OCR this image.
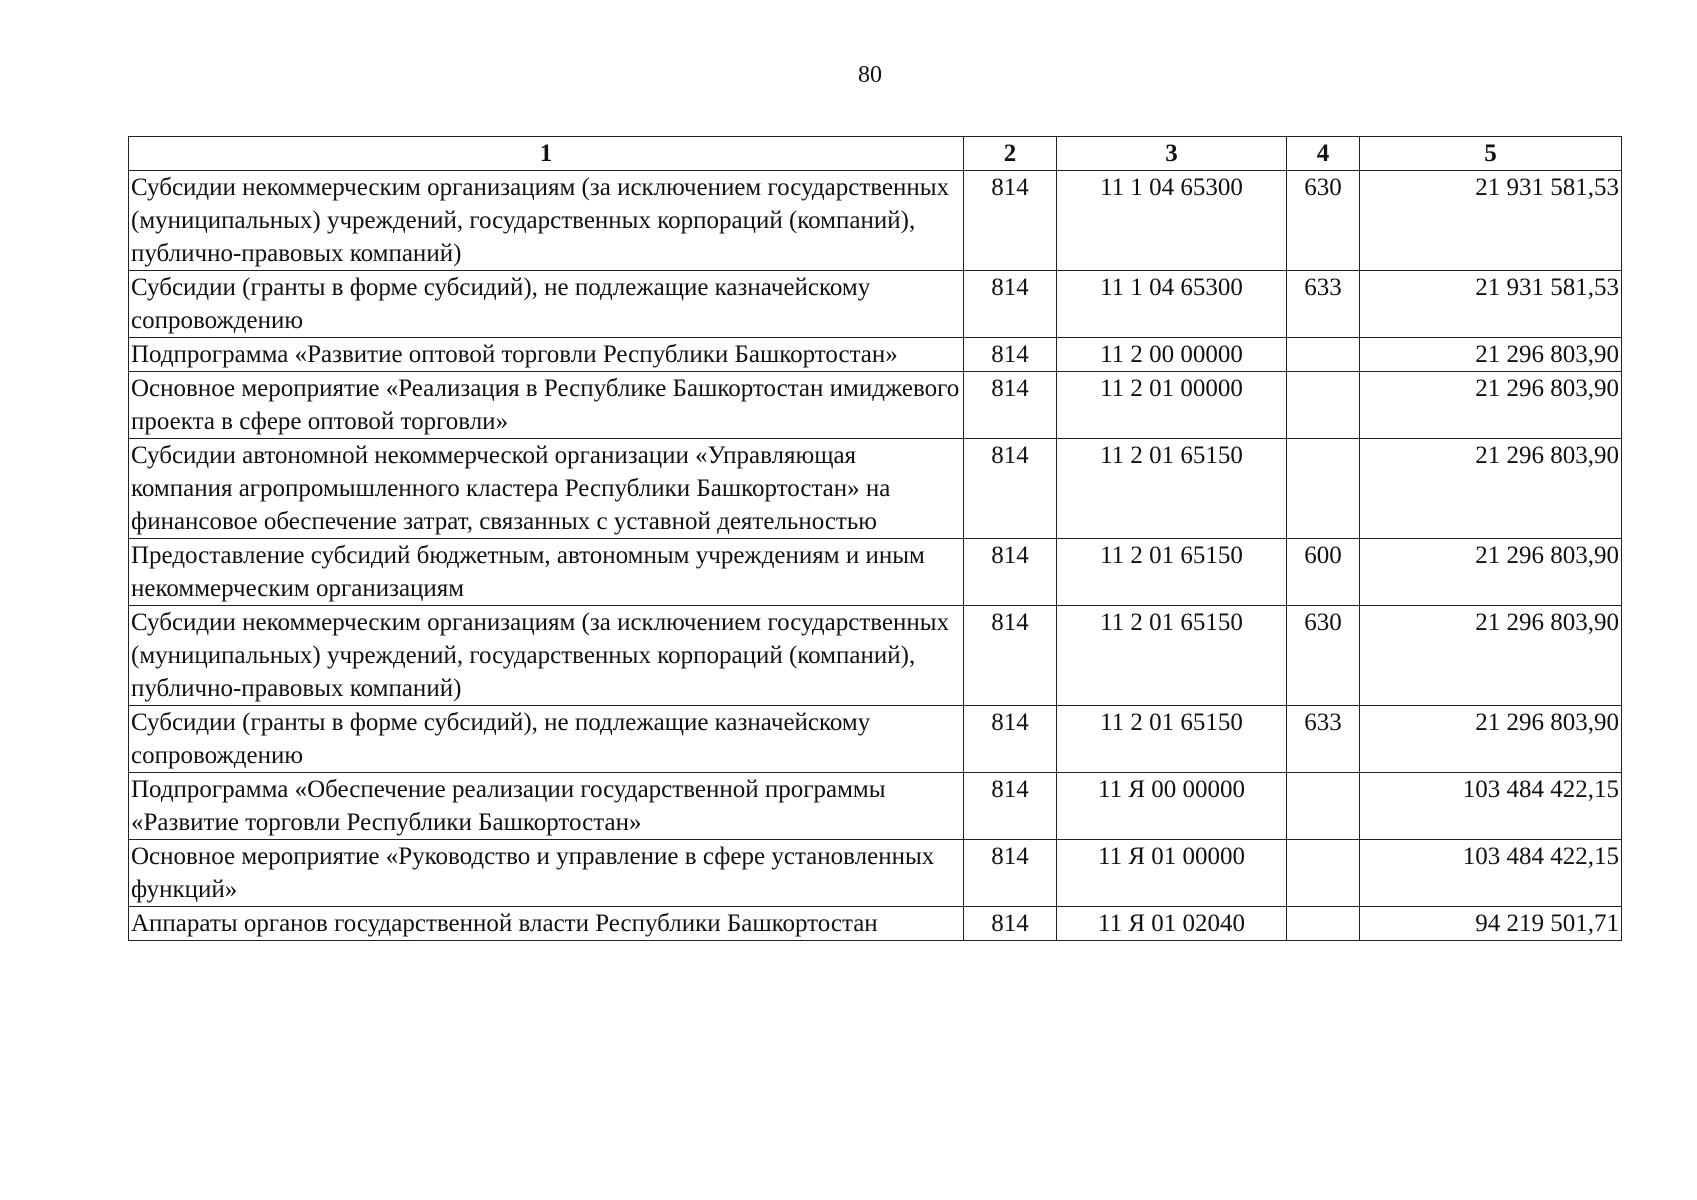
80
1	2	3	4	5
Субсидии некоммерческим организациям (за исключением государственных (муниципальных) учреждений, государственных корпораций (компаний), публично-правовых компаний)	814	11 1 04 65300	630	21 931 581,53
Субсидии (гранты в форме субсидий), не подлежащие казначейскому сопровождению	814	11 1 04 65300	633	21 931 581,53
Подпрограмма «Развитие оптовой торговли Республики Башкортостан»	814	11 2 00 00000		21 296 803,90
Основное мероприятие «Реализация в Республике Башкортостан имиджевого проекта в сфере оптовой торговли»	814	11 2 01 00000		21 296 803,90
Субсидии автономной некоммерческой организации «Управляющая компания агропромышленного кластера Республики Башкортостан» на финансовое обеспечение затрат, связанных с уставной деятельностью	814	11 2 01 65150		21 296 803,90
Предоставление субсидий бюджетным, автономным учреждениям и иным некоммерческим организациям	814	11 2 01 65150	600	21 296 803,90
Субсидии некоммерческим организациям (за исключением государственных (муниципальных) учреждений, государственных корпораций (компаний), публично-правовых компаний)	814	11 2 01 65150	630	21 296 803,90
Субсидии (гранты в форме субсидий), не подлежащие казначейскому сопровождению	814	11 2 01 65150	633	21 296 803,90
Подпрограмма «Обеспечение реализации государственной программы «Развитие торговли Республики Башкортостан»	814	11 Я 00 00000		103 484 422,15
Основное мероприятие «Руководство и управление в сфере установленных функций»	814	11 Я 01 00000		103 484 422,15
Аппараты органов государственной власти Республики Башкортостан	814	11 Я 01 02040		94 219 501,71
